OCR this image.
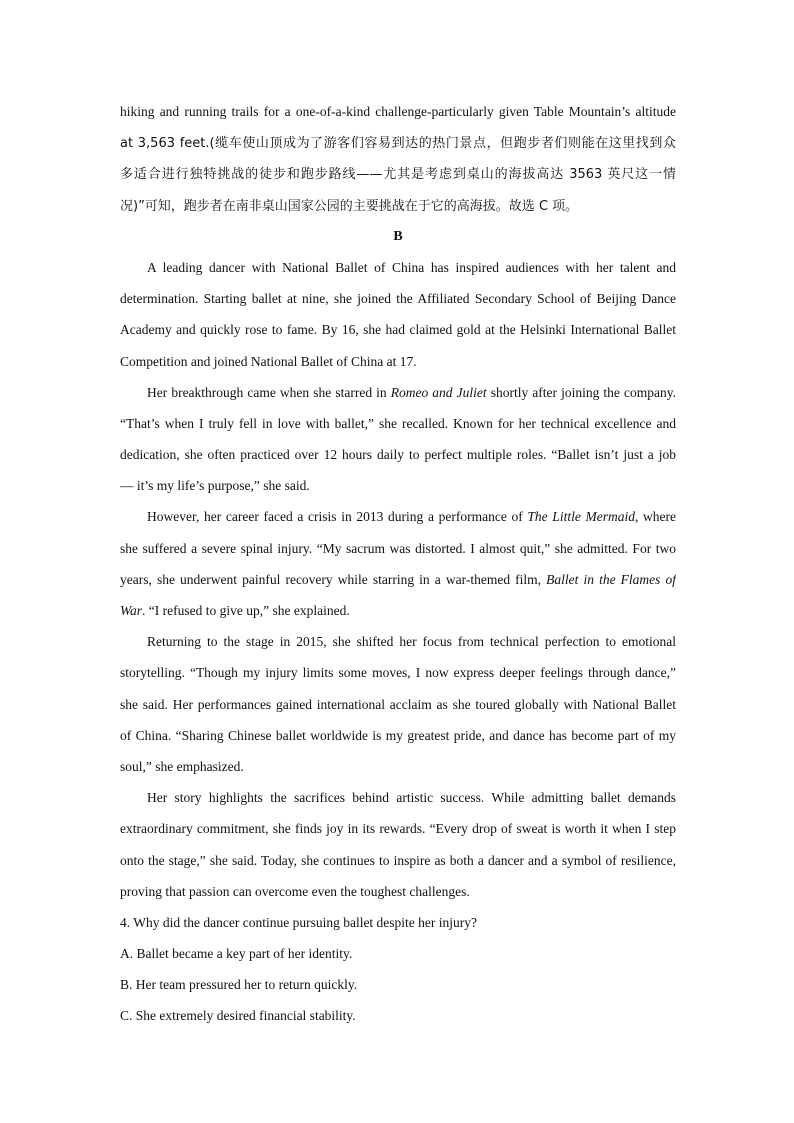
hiking and running trails for a one-of-a-kind challenge-particularly given Table Mountain’s altitude
at 3,563 feet.(缆车使山顶成为了游客们容易到达的热门景点，但跑步者们则能在这里找到众
多适合进行独特挑战的徒步和跑步路线——尤其是考虑到桌山的海拔高达 3563 英尺这一情
况)”可知，跑步者在南非桌山国家公园的主要挑战在于它的高海拔。故选 C 项。
B
A leading dancer with National Ballet of China has inspired audiences with her talent and
determination. Starting ballet at nine, she joined the Affiliated Secondary School of Beijing Dance
Academy and quickly rose to fame. By 16, she had claimed gold at the Helsinki International Ballet
Competition and joined National Ballet of China at 17.
Her breakthrough came when she starred in Romeo and Juliet shortly after joining the company.
“That’s when I truly fell in love with ballet,” she recalled. Known for her technical excellence and
dedication, she often practiced over 12 hours daily to perfect multiple roles. “Ballet isn’t just a job
— it’s my life’s purpose,” she said.
However, her career faced a crisis in 2013 during a performance of The Little Mermaid, where
she suffered a severe spinal injury. “My sacrum was distorted. I almost quit,” she admitted. For two
years, she underwent painful recovery while starring in a war-themed film, Ballet in the Flames of
War. “I refused to give up,” she explained.
Returning to the stage in 2015, she shifted her focus from technical perfection to emotional
storytelling. “Though my injury limits some moves, I now express deeper feelings through dance,”
she said. Her performances gained international acclaim as she toured globally with National Ballet
of China. “Sharing Chinese ballet worldwide is my greatest pride, and dance has become part of my
soul,” she emphasized.
Her story highlights the sacrifices behind artistic success. While admitting ballet demands
extraordinary commitment, she finds joy in its rewards. “Every drop of sweat is worth it when I step
onto the stage,” she said. Today, she continues to inspire as both a dancer and a symbol of resilience,
proving that passion can overcome even the toughest challenges.
4. Why did the dancer continue pursuing ballet despite her injury?
A. Ballet became a key part of her identity.
B. Her team pressured her to return quickly.
C. She extremely desired financial stability.
